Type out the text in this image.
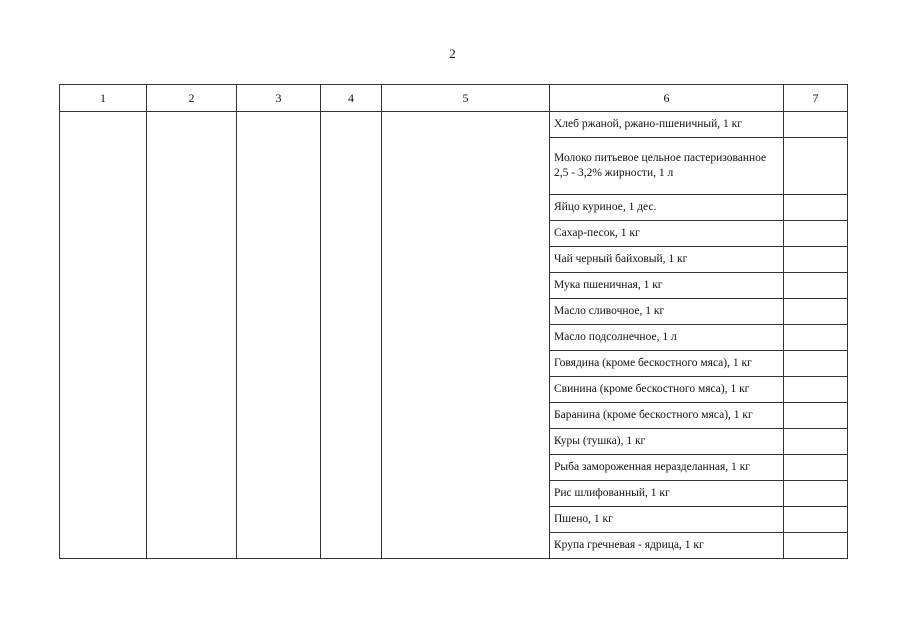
2
1	2	3	4	5	6	7
					Хлеб ржаной, ржано-пшеничный, 1 кг	
					Молоко питьевое цельное пастеризованное 2,5 - 3,2% жирности, 1 л	
					Яйцо куриное, 1 дес.	
					Сахар-песок, 1 кг	
					Чай черный байховый, 1 кг	
					Мука пшеничная, 1 кг	
					Масло сливочное, 1 кг	
					Масло подсолнечное, 1 л	
					Говядина (кроме бескостного мяса), 1 кг	
					Свинина (кроме бескостного мяса), 1 кг	
					Баранина (кроме бескостного мяса), 1 кг	
					Куры (тушка), 1 кг	
					Рыба замороженная неразделанная, 1 кг	
					Рис шлифованный, 1 кг	
					Пшено, 1 кг	
					Крупа гречневая - ядрица, 1 кг	
